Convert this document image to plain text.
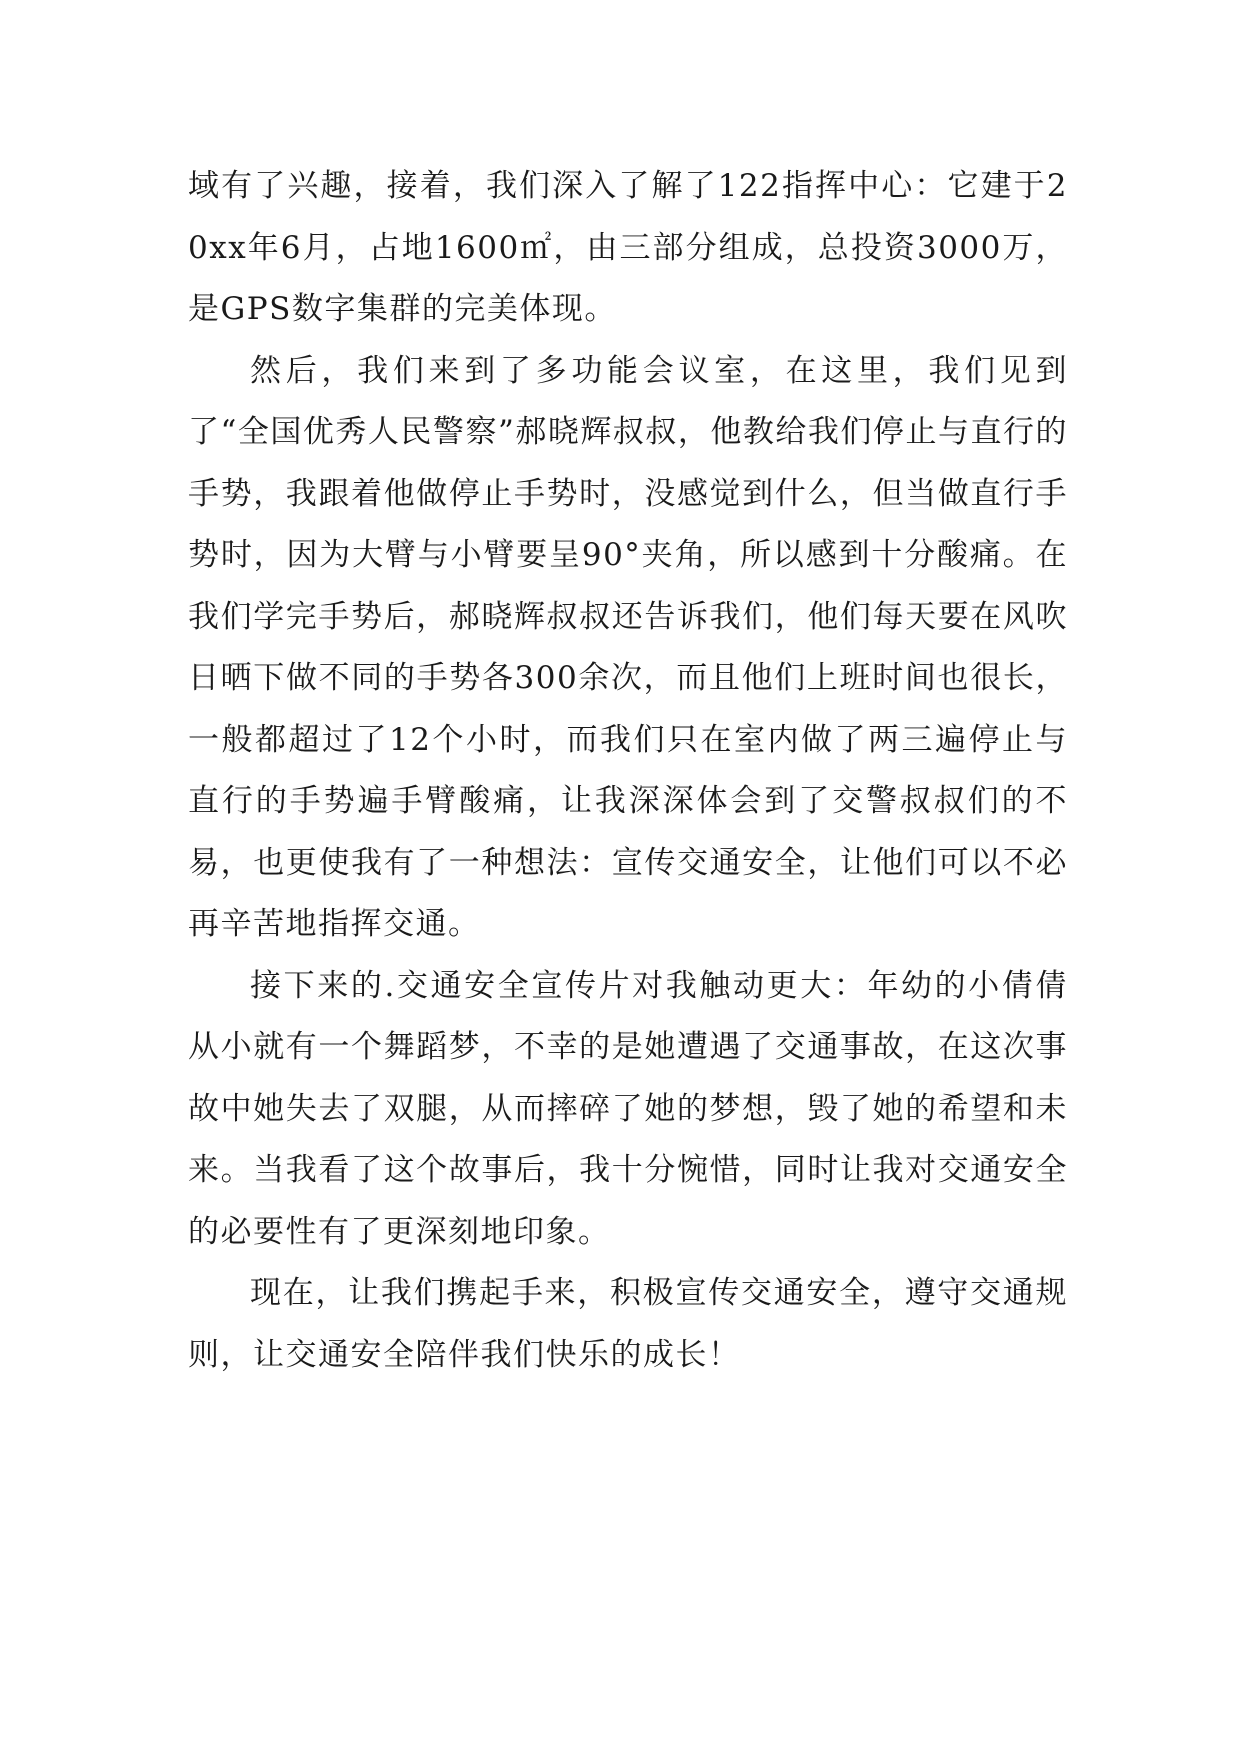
域有了兴趣，接着，我们深入了解了122指挥中心：它建于20xx年6月，占地1600㎡，由三部分组成，总投资3000万，是GPS数字集群的完美体现。

然后，我们来到了多功能会议室，在这里，我们见到了“全国优秀人民警察”郝晓辉叔叔，他教给我们停止与直行的手势，我跟着他做停止手势时，没感觉到什么，但当做直行手势时，因为大臂与小臂要呈90°夹角，所以感到十分酸痛。在我们学完手势后，郝晓辉叔叔还告诉我们，他们每天要在风吹日晒下做不同的手势各300余次，而且他们上班时间也很长，一般都超过了12个小时，而我们只在室内做了两三遍停止与直行的手势遍手臂酸痛，让我深深体会到了交警叔叔们的不易，也更使我有了一种想法：宣传交通安全，让他们可以不必再辛苦地指挥交通。

接下来的.交通安全宣传片对我触动更大：年幼的小倩倩从小就有一个舞蹈梦，不幸的是她遭遇了交通事故，在这次事故中她失去了双腿，从而摔碎了她的梦想，毁了她的希望和未来。当我看了这个故事后，我十分惋惜，同时让我对交通安全的必要性有了更深刻地印象。

现在，让我们携起手来，积极宣传交通安全，遵守交通规则，让交通安全陪伴我们快乐的成长！
